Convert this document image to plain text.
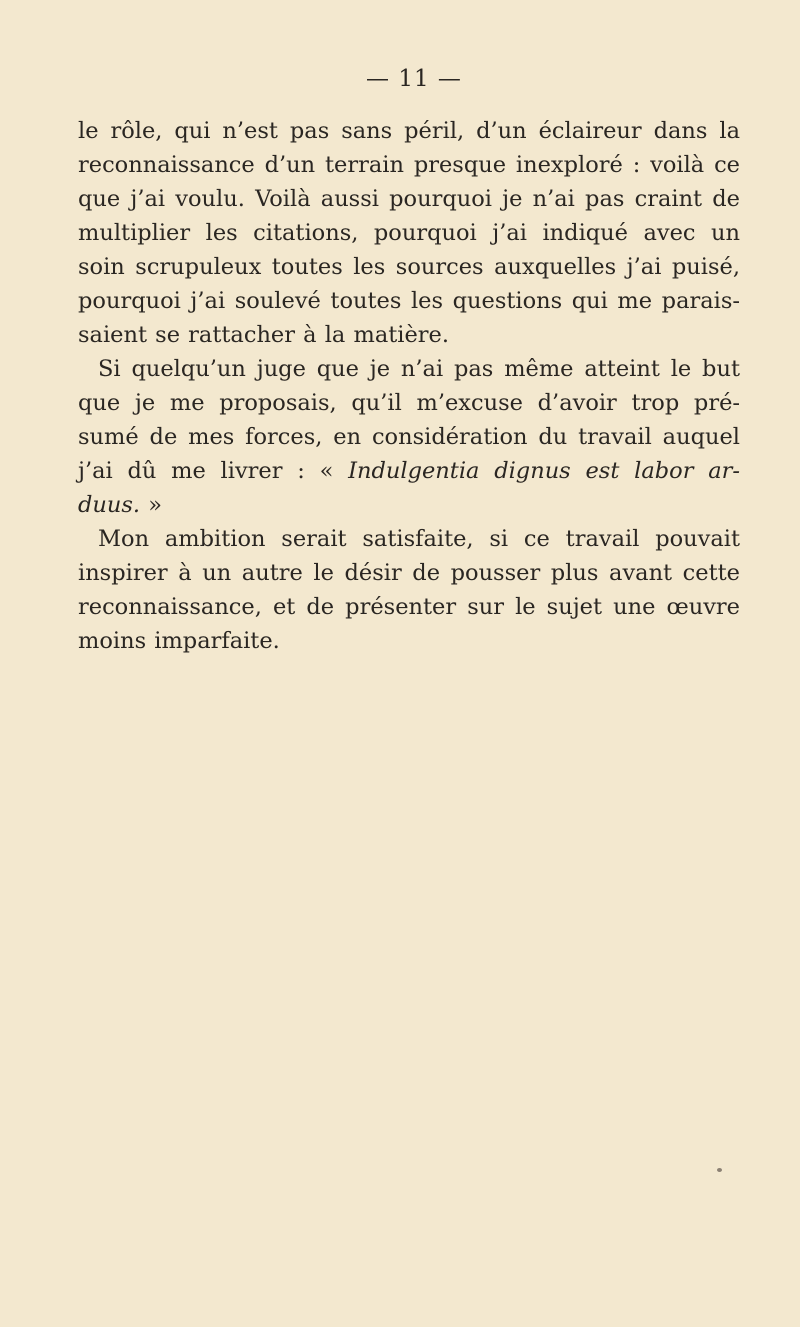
— 11 —

le rôle, qui n’est pas sans péril, d’un éclaireur dans la
reconnaissance d’un terrain presque inexploré : voilà ce
que j’ai voulu. Voilà aussi pourquoi je n’ai pas craint de
multiplier les citations, pourquoi j’ai indiqué avec un
soin scrupuleux toutes les sources auxquelles j’ai puisé,
pourquoi j’ai soulevé toutes les questions qui me parais-
saient se rattacher à la matière.

Si quelqu’un juge que je n’ai pas même atteint le but
que je me proposais, qu’il m’excuse d’avoir trop pré-
sumé de mes forces, en considération du travail auquel
j’ai dû me livrer : « Indulgentia dignus est labor ar-
duus. »

Mon ambition serait satisfaite, si ce travail pouvait
inspirer à un autre le désir de pousser plus avant cette
reconnaissance, et de présenter sur le sujet une œuvre
moins imparfaite.
